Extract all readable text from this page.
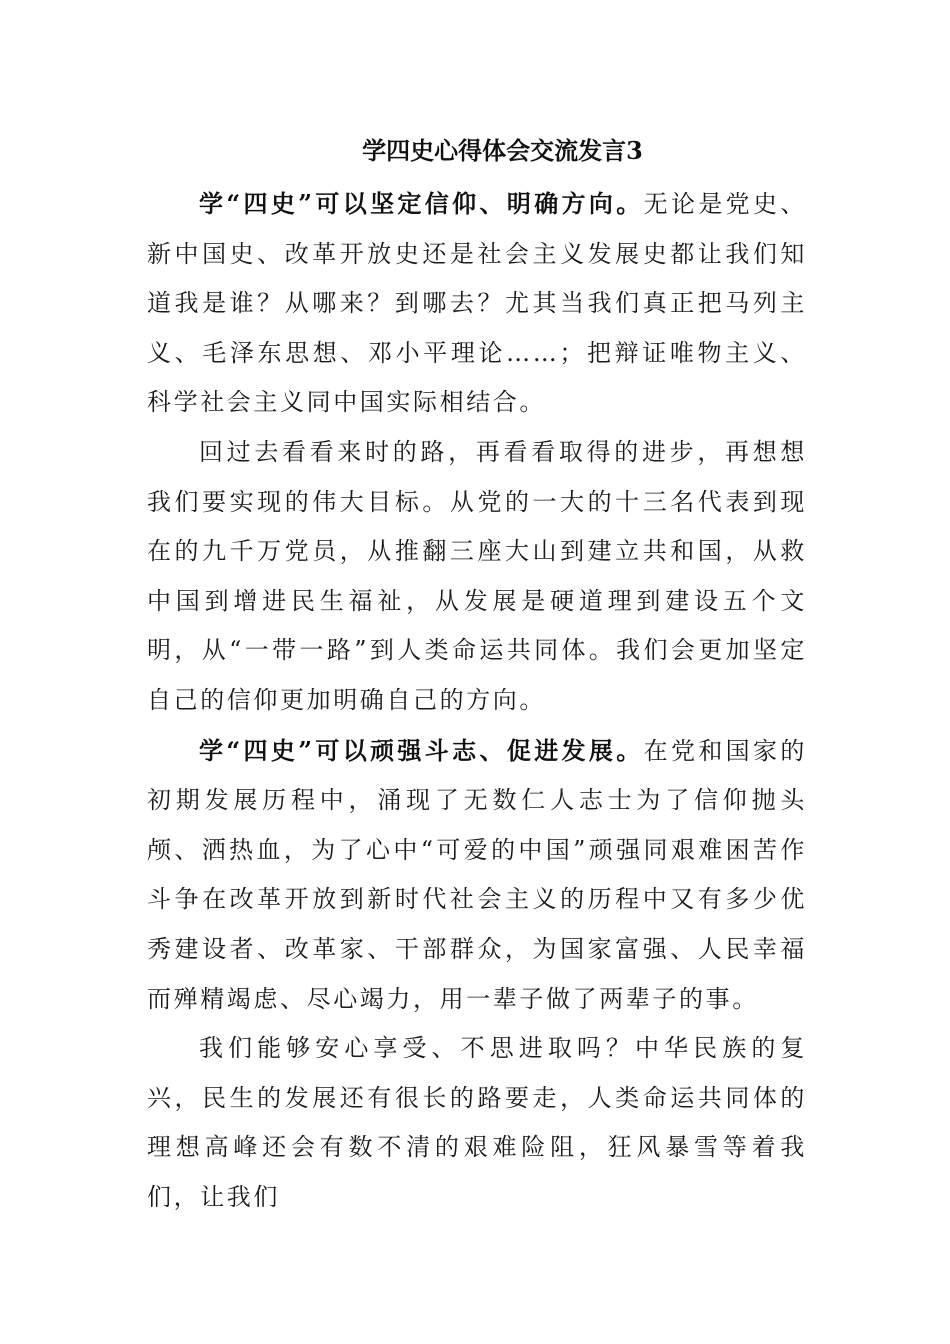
学四史心得体会交流发言3

学“四史”可以坚定信仰、明确方向。无论是党史、新中国史、改革开放史还是社会主义发展史都让我们知道我是谁？从哪来？到哪去？尤其当我们真正把马列主义、毛泽东思想、邓小平理论……；把辩证唯物主义、科学社会主义同中国实际相结合。

回过去看看来时的路，再看看取得的进步，再想想我们要实现的伟大目标。从党的一大的十三名代表到现在的九千万党员，从推翻三座大山到建立共和国，从救中国到增进民生福祉，从发展是硬道理到建设五个文明，从“一带一路”到人类命运共同体。我们会更加坚定自己的信仰更加明确自己的方向。

学“四史”可以顽强斗志、促进发展。在党和国家的初期发展历程中，涌现了无数仁人志士为了信仰抛头颅、洒热血，为了心中“可爱的中国”顽强同艰难困苦作斗争在改革开放到新时代社会主义的历程中又有多少优秀建设者、改革家、干部群众，为国家富强、人民幸福而殚精竭虑、尽心竭力，用一辈子做了两辈子的事。

我们能够安心享受、不思进取吗？中华民族的复兴，民生的发展还有很长的路要走，人类命运共同体的理想高峰还会有数不清的艰难险阻，狂风暴雪等着我们，让我们
